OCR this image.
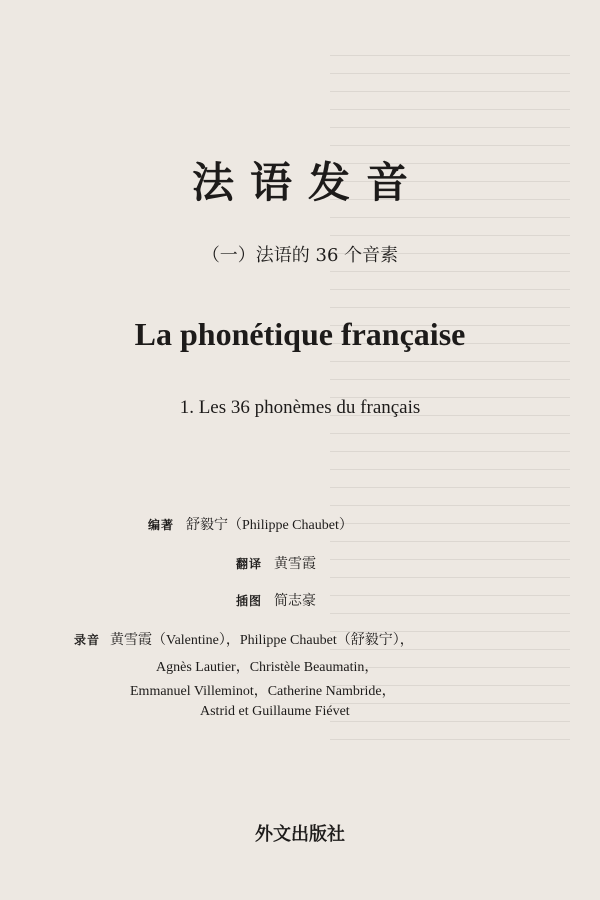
法语发音
（一）法语的 36 个音素
La phonétique française
1. Les 36 phonèmes du français
编著 舒毅宁（Philippe Chaubet）
翻译 黄雪霞
插图 简志豪
录音 黄雪霞（Valentine），Philippe Chaubet（舒毅宁），
Agnès Lautier，Christèle Beaumatin，
Emmanuel Villeminot，Catherine Nambride，
Astrid et Guillaume Fiévet
外文出版社
